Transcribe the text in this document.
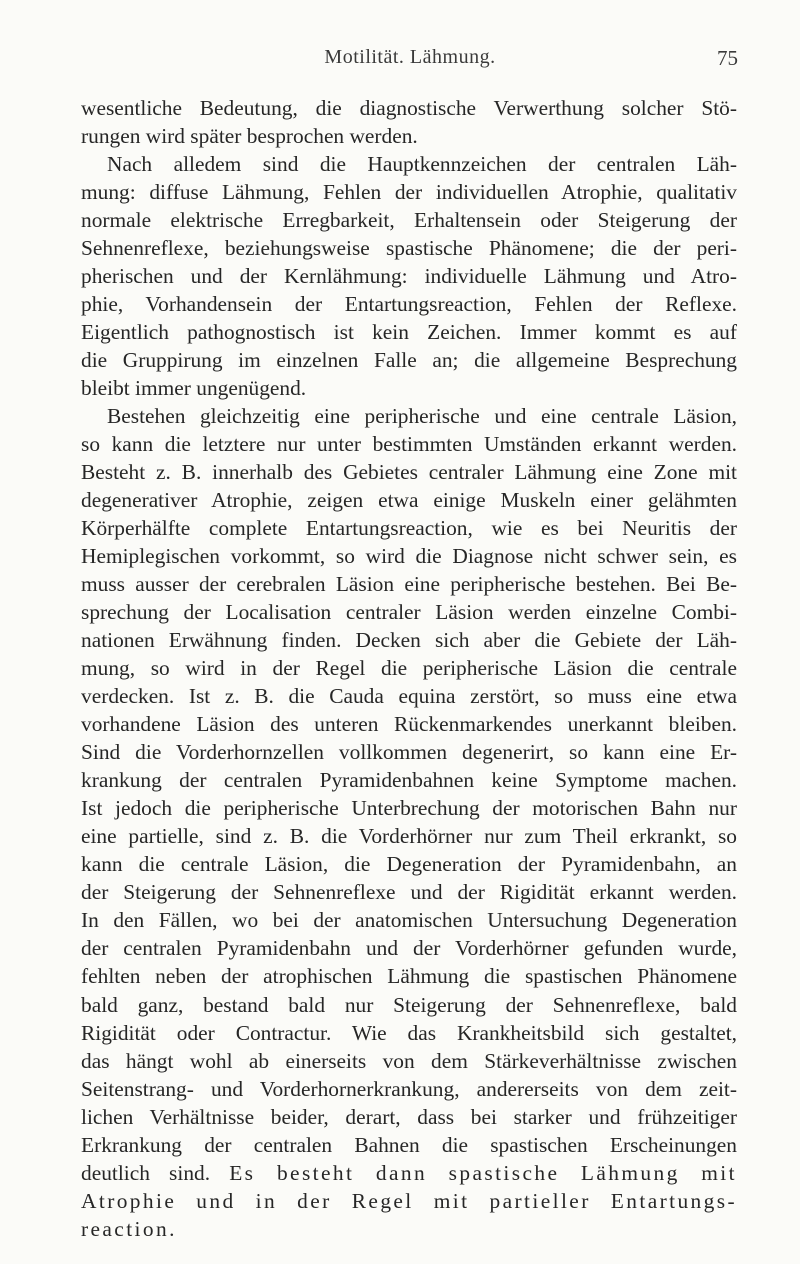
Motilität. Lähmung.	75
wesentliche Bedeutung, die diagnostische Verwerthung solcher Stö-
rungen wird später besprochen werden.
Nach alledem sind die Hauptkennzeichen der centralen Läh-
mung: diffuse Lähmung, Fehlen der individuellen Atrophie, qualitativ
normale elektrische Erregbarkeit, Erhaltensein oder Steigerung der
Sehnenreflexe, beziehungsweise spastische Phänomene; die der peri-
pherischen und der Kernlähmung: individuelle Lähmung und Atro-
phie, Vorhandensein der Entartungsreaction, Fehlen der Reflexe.
Eigentlich pathognostisch ist kein Zeichen. Immer kommt es auf
die Gruppirung im einzelnen Falle an; die allgemeine Besprechung
bleibt immer ungenügend.
Bestehen gleichzeitig eine peripherische und eine centrale Läsion,
so kann die letztere nur unter bestimmten Umständen erkannt werden.
Besteht z. B. innerhalb des Gebietes centraler Lähmung eine Zone mit
degenerativer Atrophie, zeigen etwa einige Muskeln einer gelähmten
Körperhälfte complete Entartungsreaction, wie es bei Neuritis der
Hemiplegischen vorkommt, so wird die Diagnose nicht schwer sein, es
muss ausser der cerebralen Läsion eine peripherische bestehen. Bei Be-
sprechung der Localisation centraler Läsion werden einzelne Combi-
nationen Erwähnung finden. Decken sich aber die Gebiete der Läh-
mung, so wird in der Regel die peripherische Läsion die centrale
verdecken. Ist z. B. die Cauda equina zerstört, so muss eine etwa
vorhandene Läsion des unteren Rückenmarkendes unerkannt bleiben.
Sind die Vorderhornzellen vollkommen degenerirt, so kann eine Er-
krankung der centralen Pyramidenbahnen keine Symptome machen.
Ist jedoch die peripherische Unterbrechung der motorischen Bahn nur
eine partielle, sind z. B. die Vorderhörner nur zum Theil erkrankt, so
kann die centrale Läsion, die Degeneration der Pyramidenbahn, an
der Steigerung der Sehnenreflexe und der Rigidität erkannt werden.
In den Fällen, wo bei der anatomischen Untersuchung Degeneration
der centralen Pyramidenbahn und der Vorderhörner gefunden wurde,
fehlten neben der atrophischen Lähmung die spastischen Phänomene
bald ganz, bestand bald nur Steigerung der Sehnenreflexe, bald
Rigidität oder Contractur. Wie das Krankheitsbild sich gestaltet,
das hängt wohl ab einerseits von dem Stärkeverhältnisse zwischen
Seitenstrang- und Vorderhornerkrankung, andererseits von dem zeit-
lichen Verhältnisse beider, derart, dass bei starker und frühzeitiger
Erkrankung der centralen Bahnen die spastischen Erscheinungen
deutlich sind. Es besteht dann spastische Lähmung mit
Atrophie und in der Regel mit partieller Entartungs-
reaction.
